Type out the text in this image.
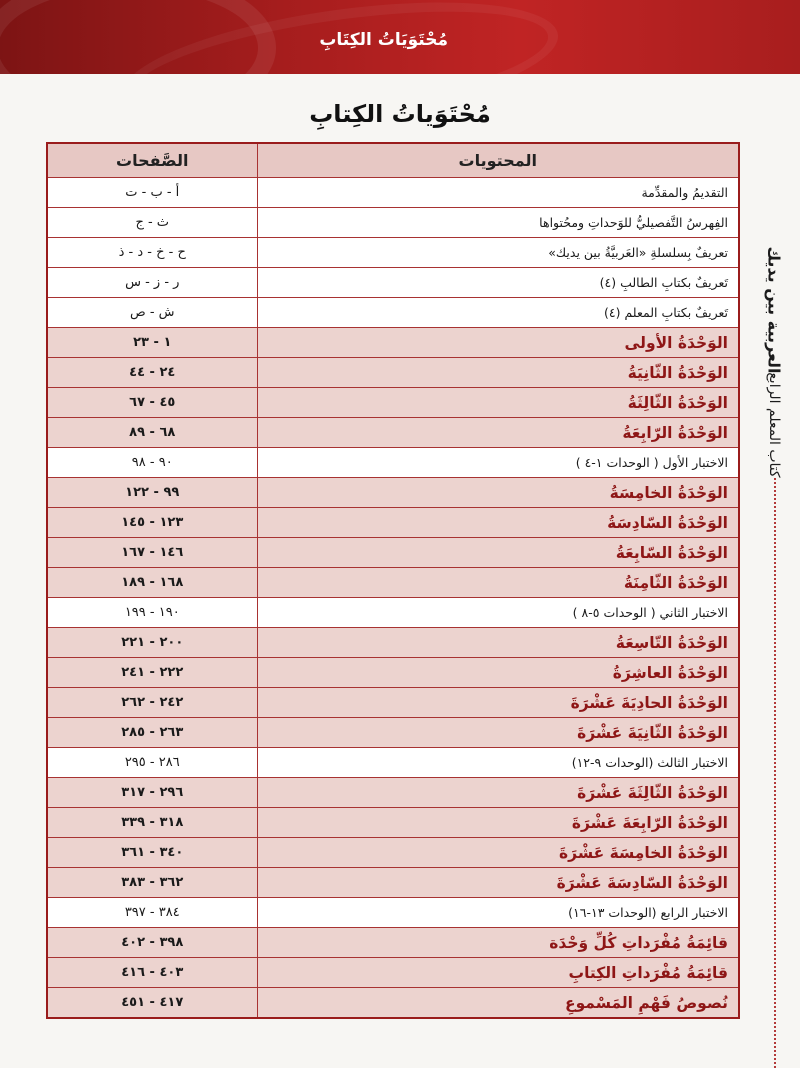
مُحْتَوَيَاتُ الكِتَابِ
مُحْتَوَياتُ الكِتابِ
العربية بين يديك
كتاب المعلم الرابع
المحتويات	الصَّفحات
التقديمُ والمقدِّمة	أ - ب - ت
الفِهرسُ التَّفصيليُّ للوَحداتِ ومحُتواها	ث - ج
تعريفٌ بِسلسلةِ «العَربيَّةُ بين يديك»	ح - خ - د - ذ
تَعريفٌ بكتابِ الطالبِ (٤)	ر - ز - س
تَعريفٌ بكتابِ المعلم (٤)	ش - ص
الوَحْدَةُ الأولى	١ - ٢٣
الوَحْدَةُ الثّانِيَةُ	٢٤ - ٤٤
الوَحْدَةُ الثّالِثَةُ	٤٥ - ٦٧
الوَحْدَةُ الرّابِعَةُ	٦٨ - ٨٩
الاختبار الأول ( الوحدات ١-٤ )	٩٠ - ٩٨
الوَحْدَةُ الخامِسَةُ	٩٩ - ١٢٢
الوَحْدَةُ السّادِسَةُ	١٢٣ - ١٤٥
الوَحْدَةُ السّابِعَةُ	١٤٦ - ١٦٧
الوَحْدَةُ الثّامِنَةُ	١٦٨ - ١٨٩
الاختبار الثاني ( الوحدات ٥-٨ )	١٩٠ - ١٩٩
الوَحْدَةُ التّاسِعَةُ	٢٠٠ - ٢٢١
الوَحْدَةُ العاشِرَةُ	٢٢٢ - ٢٤١
الوَحْدَةُ الحادِيَةَ عَشْرَةَ	٢٤٢ - ٢٦٢
الوَحْدَةُ الثّانِيَةَ عَشْرَةَ	٢٦٣ - ٢٨٥
الاختبار الثالث (الوحدات ٩-١٢)	٢٨٦ - ٢٩٥
الوَحْدَةُ الثّالِثَةَ عَشْرَةَ	٢٩٦ - ٣١٧
الوَحْدَةُ الرّابِعَةَ عَشْرَةَ	٣١٨ - ٣٣٩
الوَحْدَةُ الخامِسَةَ عَشْرَةَ	٣٤٠ - ٣٦١
الوَحْدَةُ السّادِسَةَ عَشْرَةَ	٣٦٢ - ٣٨٣
الاختبار الرابع (الوحدات ١٣-١٦)	٣٨٤ - ٣٩٧
قائِمَةُ مُفْرَداتِ كُلِّ وَحْدَة	٣٩٨ - ٤٠٢
قائِمَةُ مُفْرَداتِ الكِتابِ	٤٠٣ - ٤١٦
نُصوصُ فَهْمِ المَسْموعِ	٤١٧ - ٤٥١
